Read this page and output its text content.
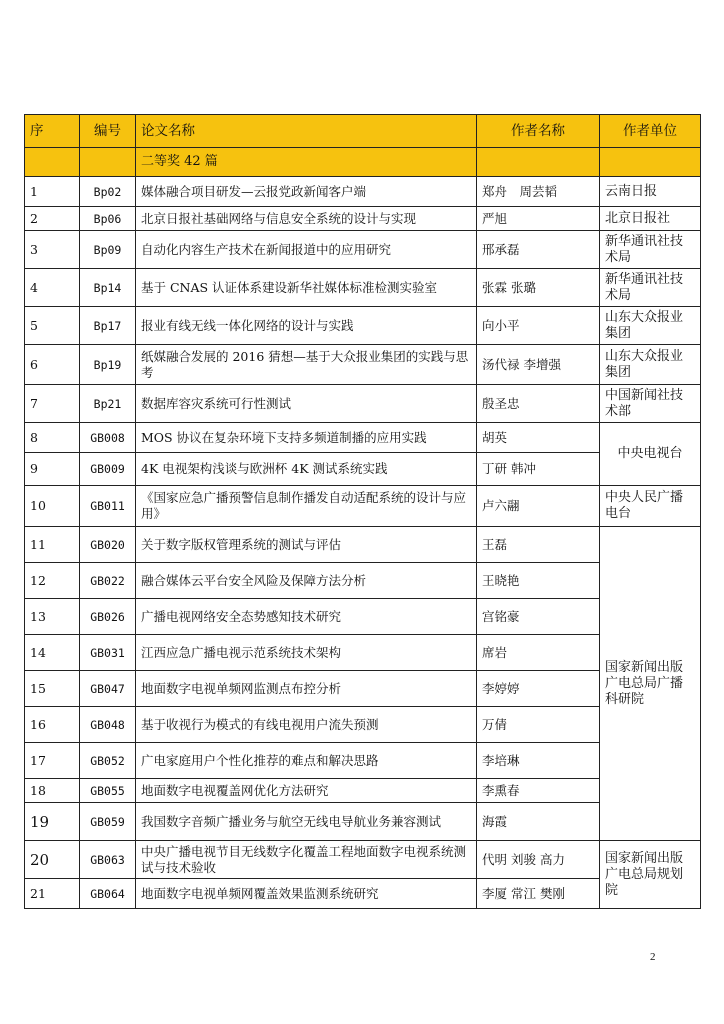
序	编号	论文名称	作者名称	作者单位
		二等奖 42 篇		
1	Bp02	媒体融合项目研发—云报党政新闻客户端	郑舟　周芸韬	云南日报
2	Bp06	北京日报社基础网络与信息安全系统的设计与实现	严旭	北京日报社
3	Bp09	自动化内容生产技术在新闻报道中的应用研究	邢承磊	新华通讯社技术局
4	Bp14	基于 CNAS 认证体系建设新华社媒体标准检测实验室	张霖 张璐	新华通讯社技术局
5	Bp17	报业有线无线一体化网络的设计与实践	向小平	山东大众报业集团
6	Bp19	纸媒融合发展的 2016 猜想—基于大众报业集团的实践与思考	汤代禄 李增强	山东大众报业集团
7	Bp21	数据库容灾系统可行性测试	殷圣忠	中国新闻社技术部
8	GB008	MOS 协议在复杂环境下支持多频道制播的应用实践	胡英	中央电视台
9	GB009	4K 电视架构浅谈与欧洲杯 4K 测试系统实践	丁研 韩冲	
10	GB011	《国家应急广播预警信息制作播发自动适配系统的设计与应用》	卢六翮	中央人民广播电台
11	GB020	关于数字版权管理系统的测试与评估	王磊	国家新闻出版广电总局广播科研院
12	GB022	融合媒体云平台安全风险及保障方法分析	王晓艳	
13	GB026	广播电视网络安全态势感知技术研究	宫铭豪	
14	GB031	江西应急广播电视示范系统技术架构	席岩	
15	GB047	地面数字电视单频网监测点布控分析	李婷婷	
16	GB048	基于收视行为模式的有线电视用户流失预测	万倩	
17	GB052	广电家庭用户个性化推荐的难点和解决思路	李培琳	
18	GB055	地面数字电视覆盖网优化方法研究	李熏春	
19	GB059	我国数字音频广播业务与航空无线电导航业务兼容测试	海霞	
20	GB063	中央广播电视节目无线数字化覆盖工程地面数字电视系统测试与技术验收	代明 刘骏 高力	国家新闻出版广电总局规划院
21	GB064	地面数字电视单频网覆盖效果监测系统研究	李厦 常江 樊刚	
2
